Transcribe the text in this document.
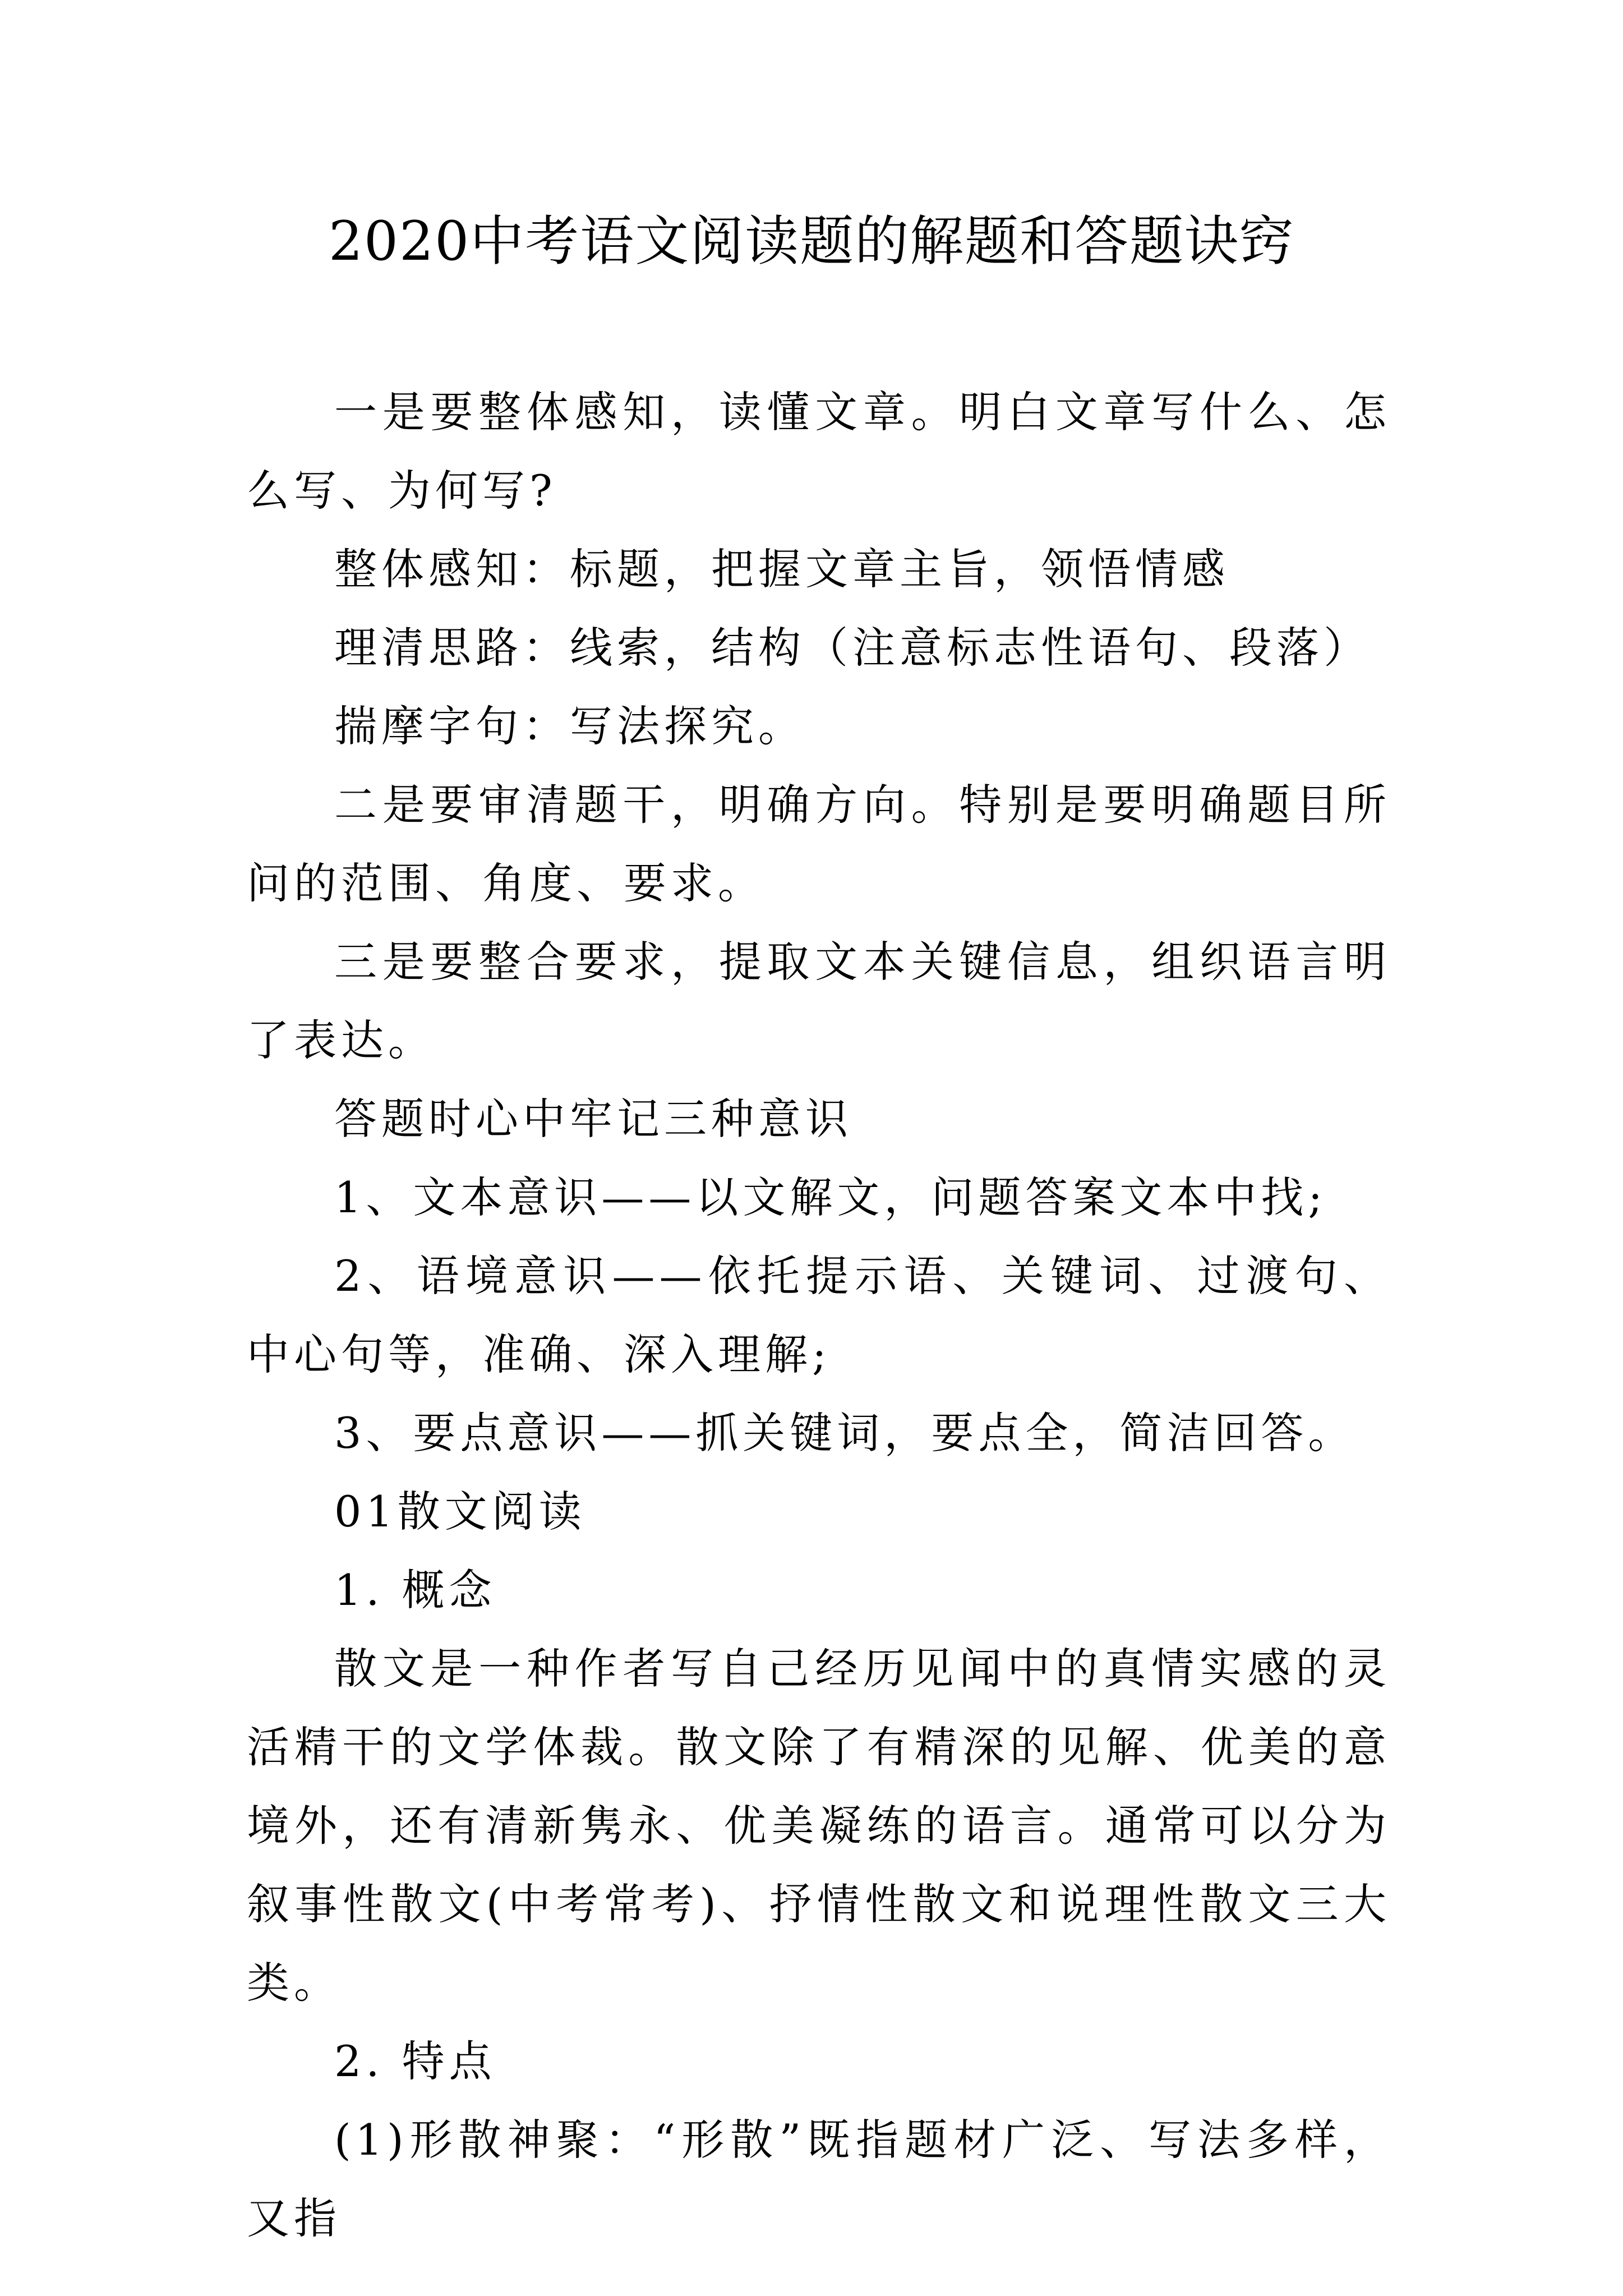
2020中考语文阅读题的解题和答题诀窍

一是要整体感知，读懂文章。明白文章写什么、怎么写、为何写?

整体感知：标题，把握文章主旨，领悟情感

理清思路：线索，结构（注意标志性语句、段落）

揣摩字句：写法探究。

二是要审清题干，明确方向。特别是要明确题目所问的范围、角度、要求。

三是要整合要求，提取文本关键信息，组织语言明了表达。

答题时心中牢记三种意识

1、文本意识——以文解文，问题答案文本中找;

2、语境意识——依托提示语、关键词、过渡句、中心句等，准确、深入理解;

3、要点意识——抓关键词，要点全，简洁回答。

01散文阅读

1. 概念

散文是一种作者写自己经历见闻中的真情实感的灵活精干的文学体裁。散文除了有精深的见解、优美的意境外，还有清新隽永、优美凝练的语言。通常可以分为叙事性散文(中考常考)、抒情性散文和说理性散文三大类。

2. 特点

(1)形散神聚：“形散”既指题材广泛、写法多样，又指
